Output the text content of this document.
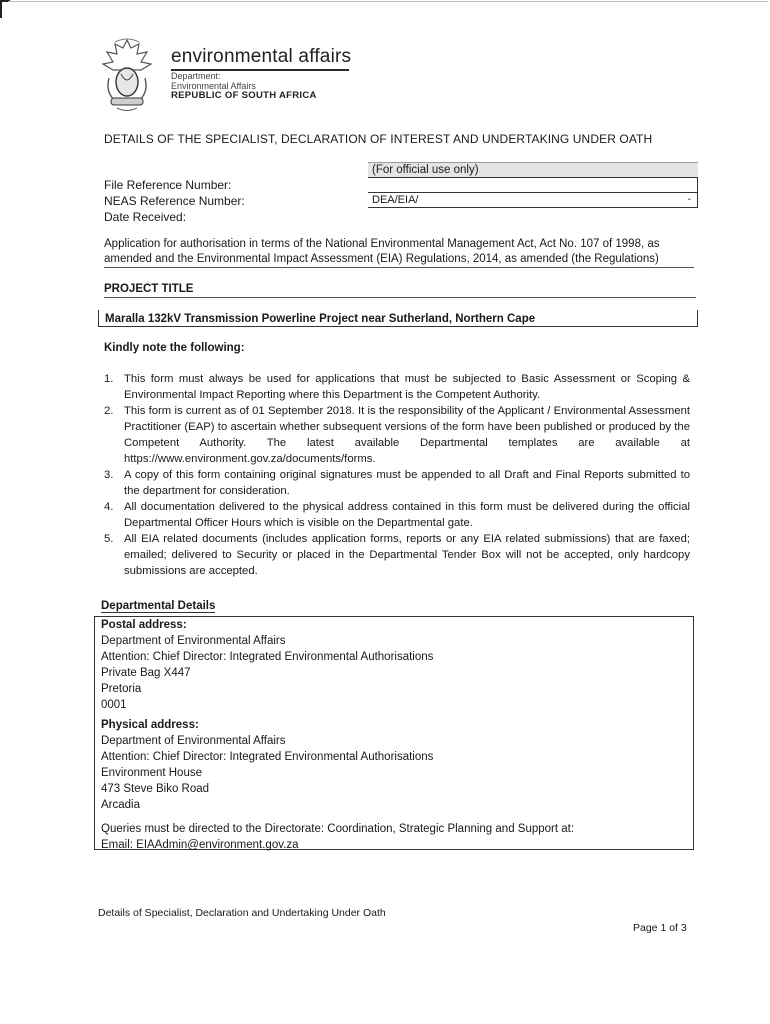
environmental affairs
Department:
Environmental Affairs
REPUBLIC OF SOUTH AFRICA
DETAILS OF THE SPECIALIST, DECLARATION OF INTEREST AND UNDERTAKING UNDER OATH
File Reference Number:
NEAS Reference Number:
Date Received:
(For official use only)
DEA/EIA/	-
Application for authorisation in terms of the National Environmental Management Act, Act No. 107 of 1998, as amended and the Environmental Impact Assessment (EIA) Regulations, 2014, as amended (the Regulations)
PROJECT TITLE
Maralla 132kV Transmission Powerline Project near Sutherland, Northern Cape
Kindly note the following:
1. This form must always be used for applications that must be subjected to Basic Assessment or Scoping & Environmental Impact Reporting where this Department is the Competent Authority.
2. This form is current as of 01 September 2018. It is the responsibility of the Applicant / Environmental Assessment Practitioner (EAP) to ascertain whether subsequent versions of the form have been published or produced by the Competent Authority. The latest available Departmental templates are available at https://www.environment.gov.za/documents/forms.
3. A copy of this form containing original signatures must be appended to all Draft and Final Reports submitted to the department for consideration.
4. All documentation delivered to the physical address contained in this form must be delivered during the official Departmental Officer Hours which is visible on the Departmental gate.
5. All EIA related documents (includes application forms, reports or any EIA related submissions) that are faxed; emailed; delivered to Security or placed in the Departmental Tender Box will not be accepted, only hardcopy submissions are accepted.
Departmental Details
Postal address:
Department of Environmental Affairs
Attention: Chief Director: Integrated Environmental Authorisations
Private Bag X447
Pretoria
0001
Physical address:
Department of Environmental Affairs
Attention: Chief Director: Integrated Environmental Authorisations
Environment House
473 Steve Biko Road
Arcadia
Queries must be directed to the Directorate: Coordination, Strategic Planning and Support at:
Email: EIAAdmin@environment.gov.za
Details of Specialist, Declaration and Undertaking Under Oath
Page 1 of 3
